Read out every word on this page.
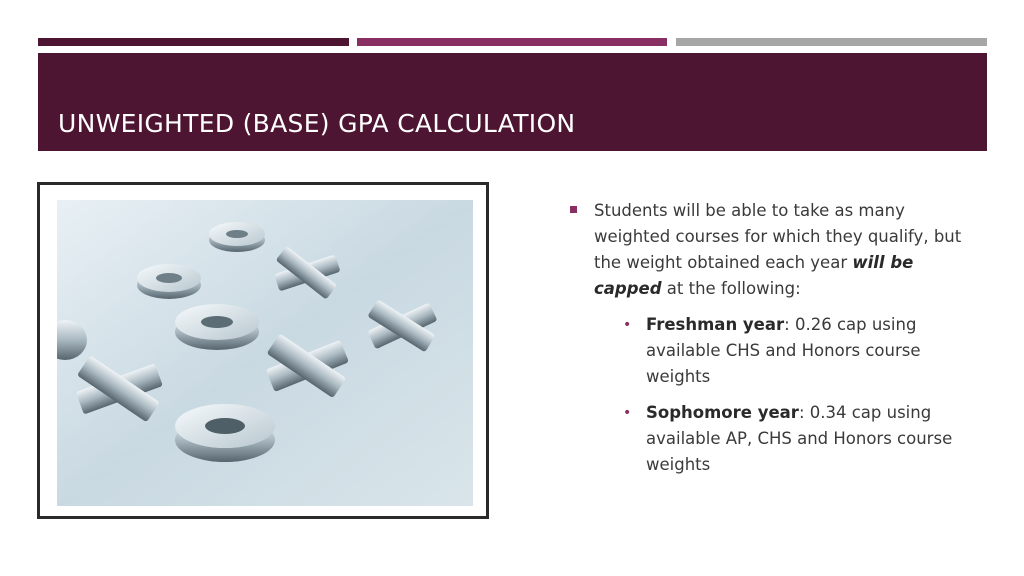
UNWEIGHTED (BASE) GPA CALCULATION
Students will be able to take as many weighted courses for which they qualify, but the weight obtained each year will be capped at the following:
• Freshman year: 0.26 cap using available CHS and Honors course weights
• Sophomore year: 0.34 cap using available AP, CHS and Honors course weights
